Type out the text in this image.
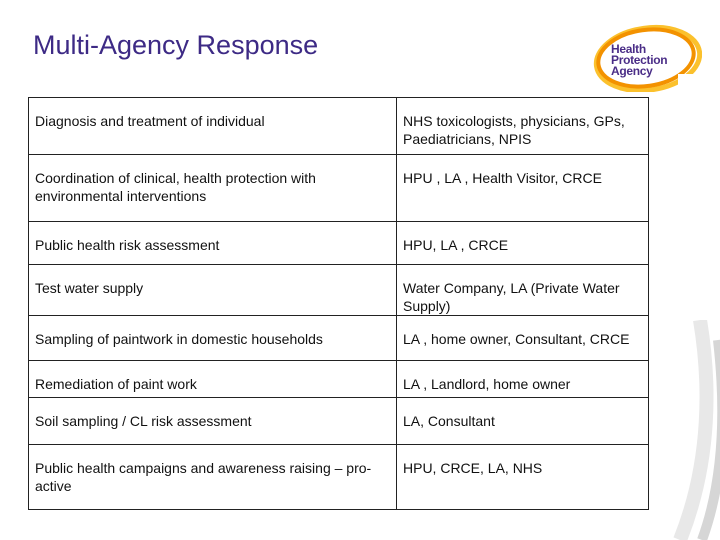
Multi-Agency Response	Health
Protection
Agency
Diagnosis and treatment of individual	NHS toxicologists, physicians, GPs, Paediatricians, NPIS
Coordination of clinical, health protection with environmental interventions	HPU , LA , Health Visitor, CRCE
Public health risk assessment	HPU, LA , CRCE
Test water supply	Water Company, LA (Private Water Supply)
Sampling of paintwork in domestic households	LA , home owner, Consultant, CRCE
Remediation of paint work	LA , Landlord, home owner
Soil sampling / CL risk assessment	LA, Consultant
Public health campaigns and awareness raising – pro-active	HPU, CRCE, LA, NHS
